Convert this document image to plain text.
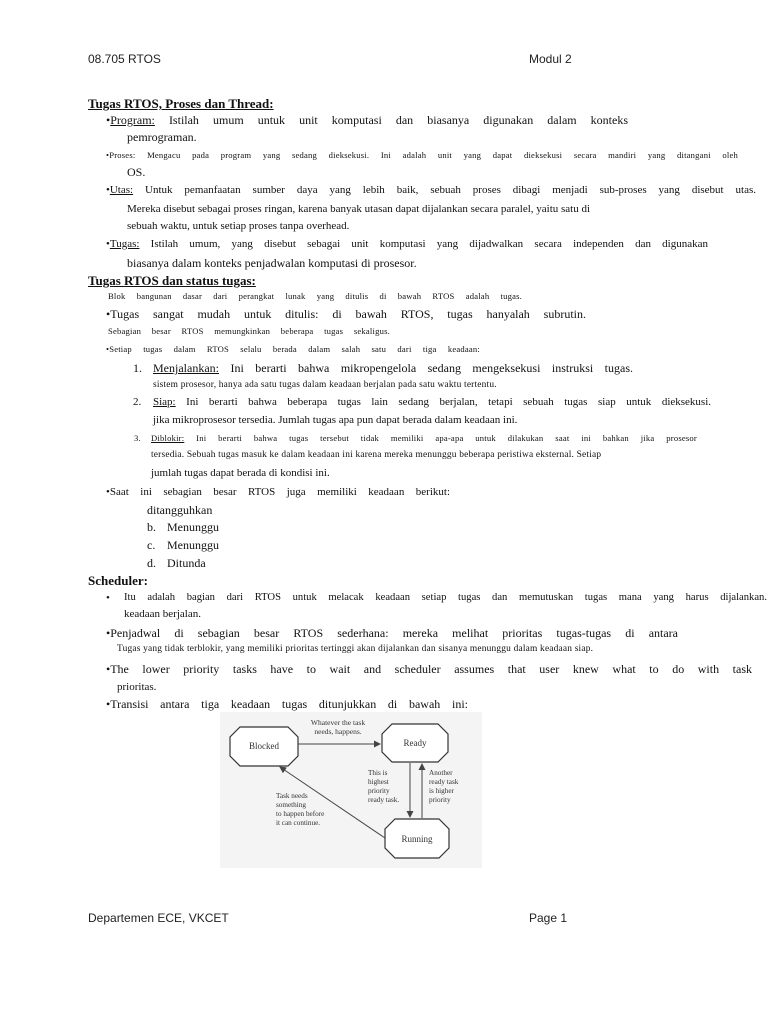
08.705 RTOS	Modul 2
Tugas RTOS, Proses dan Thread:
•Program: Istilah umum untuk unit komputasi dan biasanya digunakan dalam konteks
pemrograman.
•Proses: Mengacu pada program yang sedang dieksekusi. Ini adalah unit yang dapat dieksekusi secara mandiri yang ditangani oleh
OS.
•Utas: Untuk pemanfaatan sumber daya yang lebih baik, sebuah proses dibagi menjadi sub-proses yang disebut utas.
Mereka disebut sebagai proses ringan, karena banyak utasan dapat dijalankan secara paralel, yaitu satu di
sebuah waktu, untuk setiap proses tanpa overhead.
•Tugas: Istilah umum, yang disebut sebagai unit komputasi yang dijadwalkan secara independen dan digunakan
biasanya dalam konteks penjadwalan komputasi di prosesor.
Tugas RTOS dan status tugas:
Blok bangunan dasar dari perangkat lunak yang ditulis di bawah RTOS adalah tugas.
•Tugas sangat mudah untuk ditulis: di bawah RTOS, tugas hanyalah subrutin.
Sebagian besar RTOS memungkinkan beberapa tugas sekaligus.
•Setiap tugas dalam RTOS selalu berada dalam salah satu dari tiga keadaan:
1. Menjalankan: Ini berarti bahwa mikropengelola sedang mengeksekusi instruksi tugas.
sistem prosesor, hanya ada satu tugas dalam keadaan berjalan pada satu waktu tertentu.
2. Siap: Ini berarti bahwa beberapa tugas lain sedang berjalan, tetapi sebuah tugas siap untuk dieksekusi.
jika mikroprosesor tersedia. Jumlah tugas apa pun dapat berada dalam keadaan ini.
3. Diblokir: Ini berarti bahwa tugas tersebut tidak memiliki apa-apa untuk dilakukan saat ini bahkan jika prosesor
tersedia. Sebuah tugas masuk ke dalam keadaan ini karena mereka menunggu beberapa peristiwa eksternal. Setiap
jumlah tugas dapat berada di kondisi ini.
•Saat ini sebagian besar RTOS juga memiliki keadaan berikut:
ditangguhkan
b. Menunggu
c. Menunggu
d. Ditunda
Scheduler:
• Itu adalah bagian dari RTOS untuk melacak keadaan setiap tugas dan memutuskan tugas mana yang harus dijalankan.
keadaan berjalan.
•Penjadwal di sebagian besar RTOS sederhana: mereka melihat prioritas tugas-tugas di antara
Tugas yang tidak terblokir, yang memiliki prioritas tertinggi akan dijalankan dan sisanya menunggu dalam keadaan siap.
•The lower priority tasks have to wait and scheduler assumes that user knew what to do with task
prioritas.
•Transisi antara tiga keadaan tugas ditunjukkan di bawah ini:
Blocked	Ready
Running
Whatever the task
needs, happens.
Task needs
something
to happen before
it can continue.
This is
highest
priority
ready task.
Another
ready task
is higher
priority
Departemen ECE, VKCET	Page 1
